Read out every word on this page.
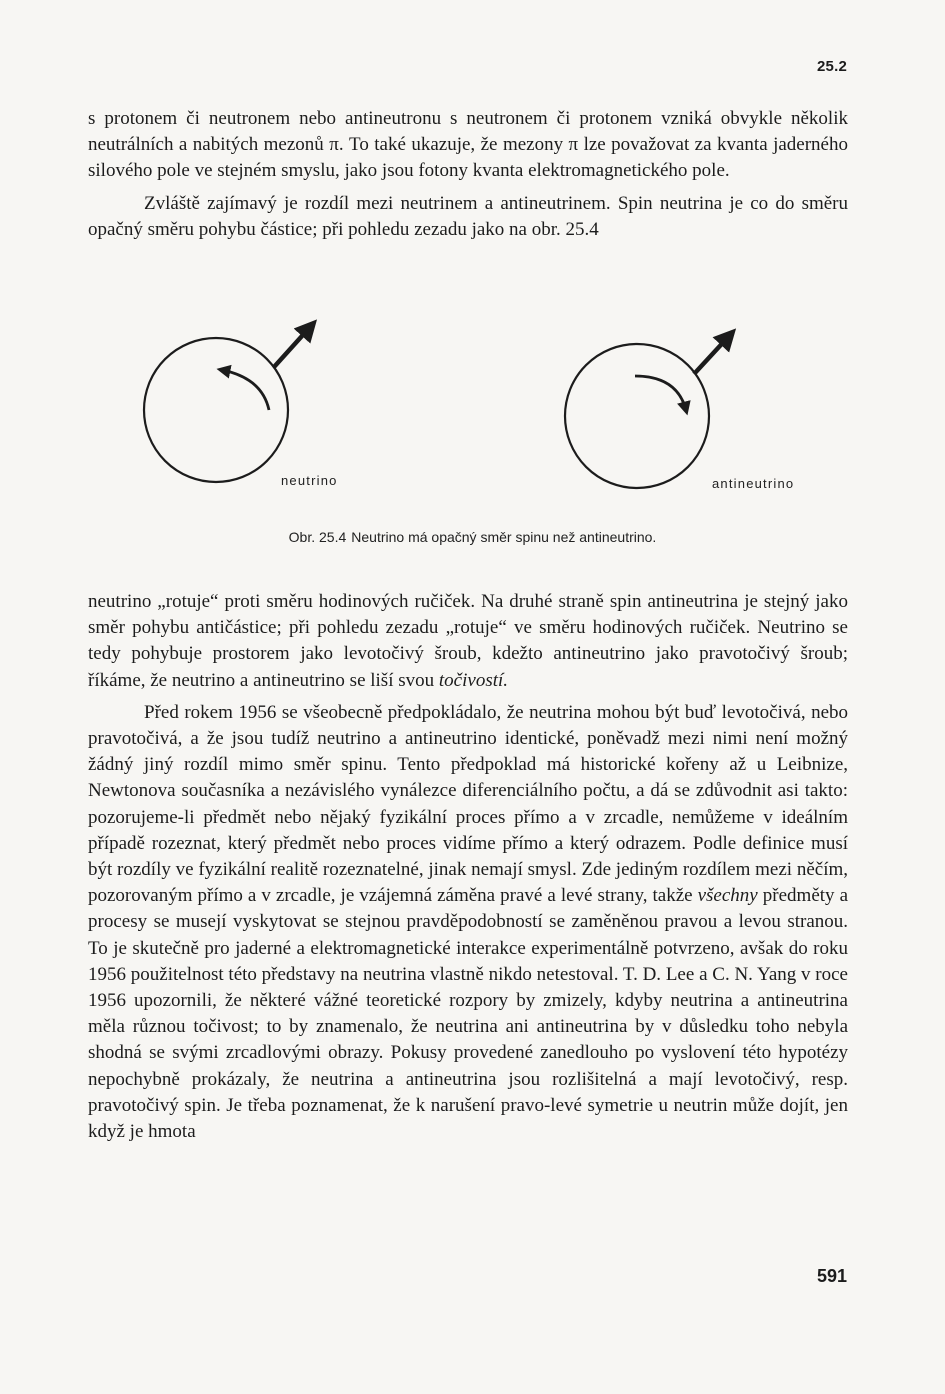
25.2

s protonem či neutronem nebo antineutronu s neutronem či protonem vzniká obvykle několik neutrálních a nabitých mezonů π. To také ukazuje, že mezony π lze považovat za kvanta jaderného silového pole ve stejném smyslu, jako jsou fotony kvanta elektromagnetického pole.

Zvláště zajímavý je rozdíl mezi neutrinem a antineutrinem. Spin neutrina je co do směru opačný směru pohybu částice; při pohledu zezadu jako na obr. 25.4

neutrino	antineutrino
Obr. 25.4 Neutrino má opačný směr spinu než antineutrino.

neutrino „rotuje“ proti směru hodinových ručiček. Na druhé straně spin antineutrina je stejný jako směr pohybu antičástice; při pohledu zezadu „rotuje“ ve směru hodinových ručiček. Neutrino se tedy pohybuje prostorem jako levotočivý šroub, kdežto antineutrino jako pravotočivý šroub; říkáme, že neutrino a antineutrino se liší svou točivostí.

Před rokem 1956 se všeobecně předpokládalo, že neutrina mohou být buď levotočivá, nebo pravotočivá, a že jsou tudíž neutrino a antineutrino identické, poněvadž mezi nimi není možný žádný jiný rozdíl mimo směr spinu. Tento předpoklad má historické kořeny až u Leibnize, Newtonova současníka a nezávislého vynálezce diferenciálního počtu, a dá se zdůvodnit asi takto: pozorujeme-li předmět nebo nějaký fyzikální proces přímo a v zrcadle, nemůžeme v ideálním případě rozeznat, který předmět nebo proces vidíme přímo a který odrazem. Podle definice musí být rozdíly ve fyzikální realitě rozeznatelné, jinak nemají smysl. Zde jediným rozdílem mezi něčím, pozorovaným přímo a v zrcadle, je vzájemná záměna pravé a levé strany, takže všechny předměty a procesy se musejí vyskytovat se stejnou pravděpodobností se zaměněnou pravou a levou stranou. To je skutečně pro jaderné a elektromagnetické interakce experimentálně potvrzeno, avšak do roku 1956 použitelnost této představy na neutrina vlastně nikdo netestoval. T. D. Lee a C. N. Yang v roce 1956 upozornili, že některé vážné teoretické rozpory by zmizely, kdyby neutrina a antineutrina měla různou točivost; to by znamenalo, že neutrina ani antineutrina by v důsledku toho nebyla shodná se svými zrcadlovými obrazy. Pokusy provedené zanedlouho po vyslovení této hypotézy nepochybně prokázaly, že neutrina a antineutrina jsou rozlišitelná a mají levotočivý, resp. pravotočivý spin. Je třeba poznamenat, že k narušení pravo-levé symetrie u neutrin může dojít, jen když je hmota

591
